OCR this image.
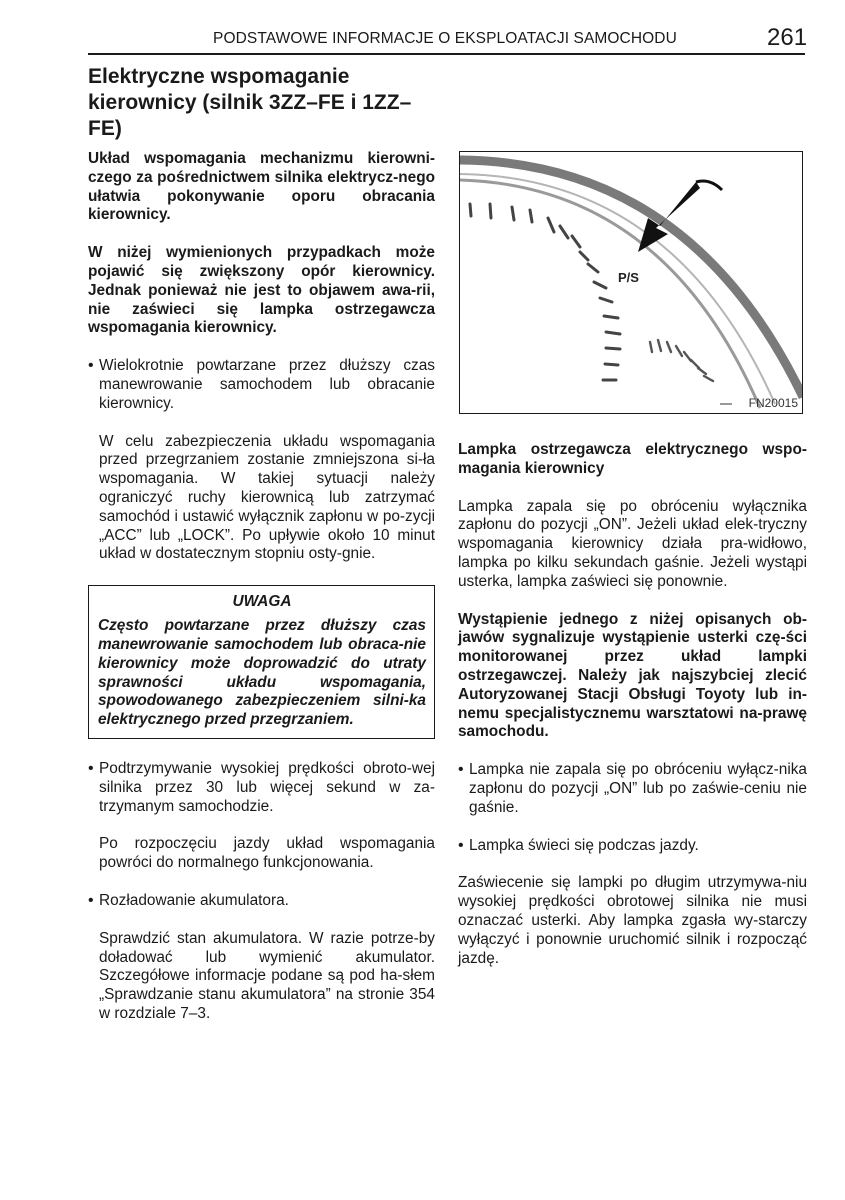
PODSTAWOWE INFORMACJE O EKSPLOATACJI SAMOCHODU	261
Elektryczne wspomaganie kierownicy (silnik 3ZZ–FE i 1ZZ–FE)

Układ wspomagania mechanizmu kierowni-czego za pośrednictwem silnika elektrycz-nego ułatwia pokonywanie oporu obracania kierownicy.

W niżej wymienionych przypadkach może pojawić się zwiększony opór kierownicy. Jednak ponieważ nie jest to objawem awa-rii, nie zaświeci się lampka ostrzegawcza wspomagania kierownicy.

• Wielokrotnie powtarzane przez dłuższy czas manewrowanie samochodem lub obracanie kierownicy.

W celu zabezpieczenia układu wspomagania przed przegrzaniem zostanie zmniejszona si-ła wspomagania. W takiej sytuacji należy ograniczyć ruchy kierownicą lub zatrzymać samochód i ustawić wyłącznik zapłonu w po-zycji „ACC” lub „LOCK”. Po upływie około 10 minut układ w dostatecznym stopniu osty-gnie.

UWAGA

Często powtarzane przez dłuższy czas manewrowanie samochodem lub obraca-nie kierownicy może doprowadzić do utraty sprawności układu wspomagania, spowodowanego zabezpieczeniem silni-ka elektrycznego przed przegrzaniem.

• Podtrzymywanie wysokiej prędkości obroto-wej silnika przez 30 lub więcej sekund w za-trzymanym samochodzie.

Po rozpoczęciu jazdy układ wspomagania powróci do normalnego funkcjonowania.

• Rozładowanie akumulatora.

Sprawdzić stan akumulatora. W razie potrze-by doładować lub wymienić akumulator. Szczegółowe informacje podane są pod ha-słem „Sprawdzanie stanu akumulatora” na stronie 354 w rozdziale 7–3.

P/S
FN20015

Lampka ostrzegawcza elektrycznego wspo-magania kierownicy

Lampka zapala się po obróceniu wyłącznika zapłonu do pozycji „ON”. Jeżeli układ elek-tryczny wspomagania kierownicy działa pra-widłowo, lampka po kilku sekundach gaśnie. Jeżeli wystąpi usterka, lampka zaświeci się ponownie.

Wystąpienie jednego z niżej opisanych ob-jawów sygnalizuje wystąpienie usterki czę-ści monitorowanej przez układ lampki ostrzegawczej. Należy jak najszybciej zlecić Autoryzowanej Stacji Obsługi Toyoty lub in-nemu specjalistycznemu warsztatowi na-prawę samochodu.

• Lampka nie zapala się po obróceniu wyłącz-nika zapłonu do pozycji „ON” lub po zaświe-ceniu nie gaśnie.

• Lampka świeci się podczas jazdy.

Zaświecenie się lampki po długim utrzymywa-niu wysokiej prędkości obrotowej silnika nie musi oznaczać usterki. Aby lampka zgasła wy-starczy wyłączyć i ponownie uruchomić silnik i rozpocząć jazdę.
